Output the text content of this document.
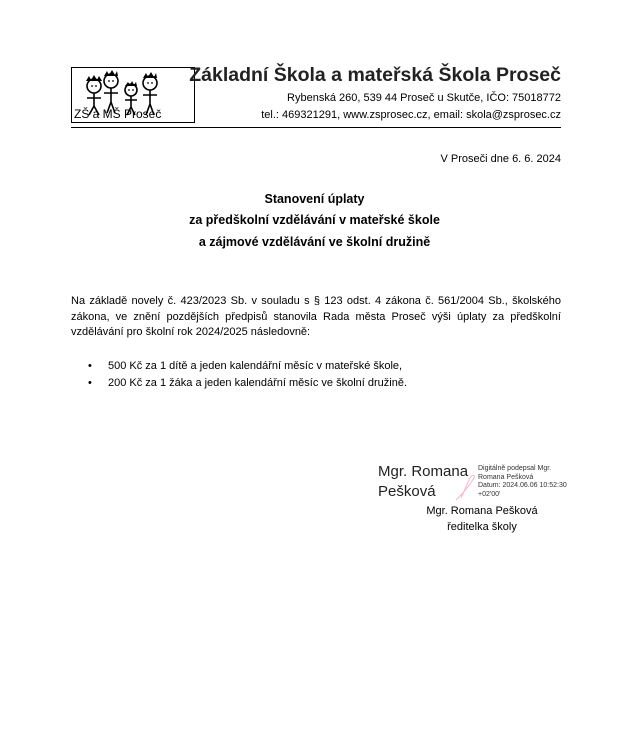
ZŠ a MŠ Proseč
Základní Škola a mateřská Škola Proseč
Rybenská 260, 539 44 Proseč u Skutče, IČO: 75018772
tel.: 469321291, www.zsprosec.cz, email: skola@zsprosec.cz
V Proseči dne 6. 6. 2024
Stanovení úplaty
za předškolní vzdělávání v mateřské škole
a zájmové vzdělávání ve školní družině
Na základě novely č. 423/2023 Sb. v souladu s § 123 odst. 4 zákona č. 561/2004 Sb., školského zákona, ve znění pozdějších předpisů stanovila Rada města Proseč výši úplaty za předškolní vzdělávání pro školní rok 2024/2025 následovně:
• 500 Kč za 1 dítě a jeden kalendářní měsíc v mateřské škole,
• 200 Kč za 1 žáka a jeden kalendářní měsíc ve školní družině.
Mgr. Romana
Pešková
Digitálně podepsal Mgr.
Romana Pešková
Datum: 2024.06.06 10:52:30
+02'00'
Mgr. Romana Pešková
ředitelka školy
